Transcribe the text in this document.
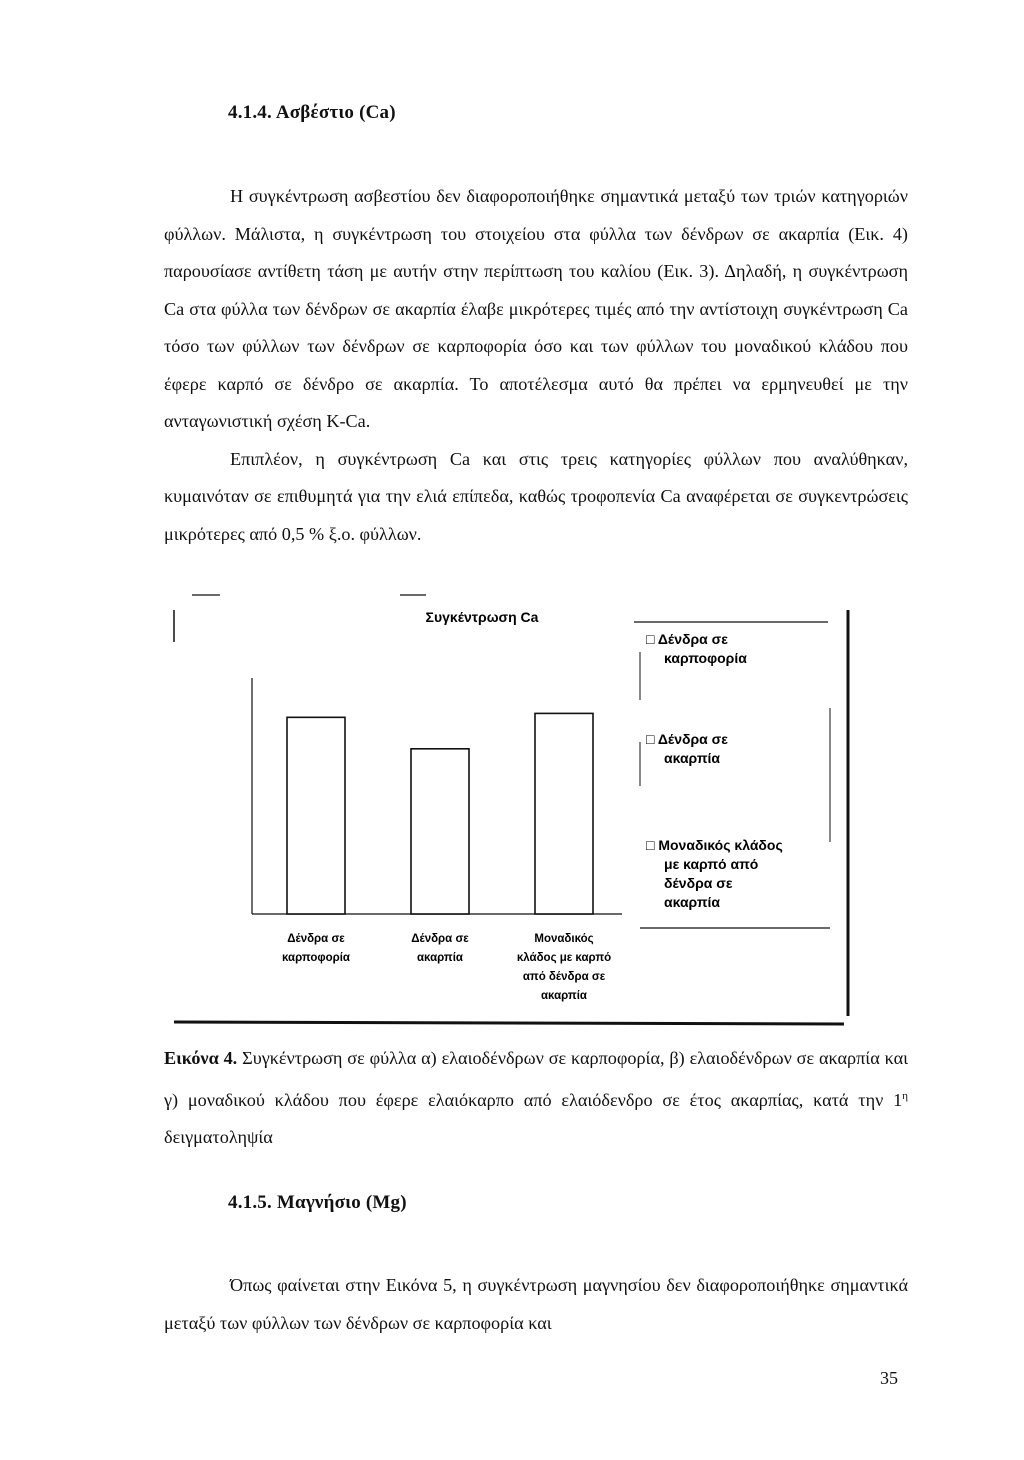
4.1.4. Ασβέστιο (Ca)

Η συγκέντρωση ασβεστίου δεν διαφοροποιήθηκε σημαντικά μεταξύ των τριών κατηγοριών φύλλων. Μάλιστα, η συγκέντρωση του στοιχείου στα φύλλα των δένδρων σε ακαρπία (Εικ. 4) παρουσίασε αντίθετη τάση με αυτήν στην περίπτωση του καλίου (Εικ. 3). Δηλαδή, η συγκέντρωση Ca στα φύλλα των δένδρων σε ακαρπία έλαβε μικρότερες τιμές από την αντίστοιχη συγκέντρωση Ca τόσο των φύλλων των δένδρων σε καρποφορία όσο και των φύλλων του μοναδικού κλάδου που έφερε καρπό σε δένδρο σε ακαρπία. Το αποτέλεσμα αυτό θα πρέπει να ερμηνευθεί με την ανταγωνιστική σχέση K-Ca.

Επιπλέον, η συγκέντρωση Ca και στις τρεις κατηγορίες φύλλων που αναλύθηκαν, κυμαινόταν σε επιθυμητά για την ελιά επίπεδα, καθώς τροφοπενία Ca αναφέρεται σε συγκεντρώσεις μικρότερες από 0,5 % ξ.ο. φύλλων.

Συγκέντρωση Ca
Δένδρα σε
καρποφορία
Δένδρα σε
ακαρπία
Μοναδικός
κλάδος με καρπό
από δένδρα σε
ακαρπία
□ Δένδρα σε
καρποφορία
□ Δένδρα σε
ακαρπία
□ Μοναδικός κλάδος
με καρπό από
δένδρα σε
ακαρπία

Εικόνα 4. Συγκέντρωση σε φύλλα α) ελαιοδένδρων σε καρποφορία, β) ελαιοδένδρων σε ακαρπία και γ) μοναδικού κλάδου που έφερε ελαιόκαρπο από ελαιόδενδρο σε έτος ακαρπίας, κατά την $1^\eta$ δειγματοληψία

4.1.5. Μαγνήσιο (Mg)

Όπως φαίνεται στην Εικόνα 5, η συγκέντρωση μαγνησίου δεν διαφοροποιήθηκε σημαντικά μεταξύ των φύλλων των δένδρων σε καρποφορία και

35
